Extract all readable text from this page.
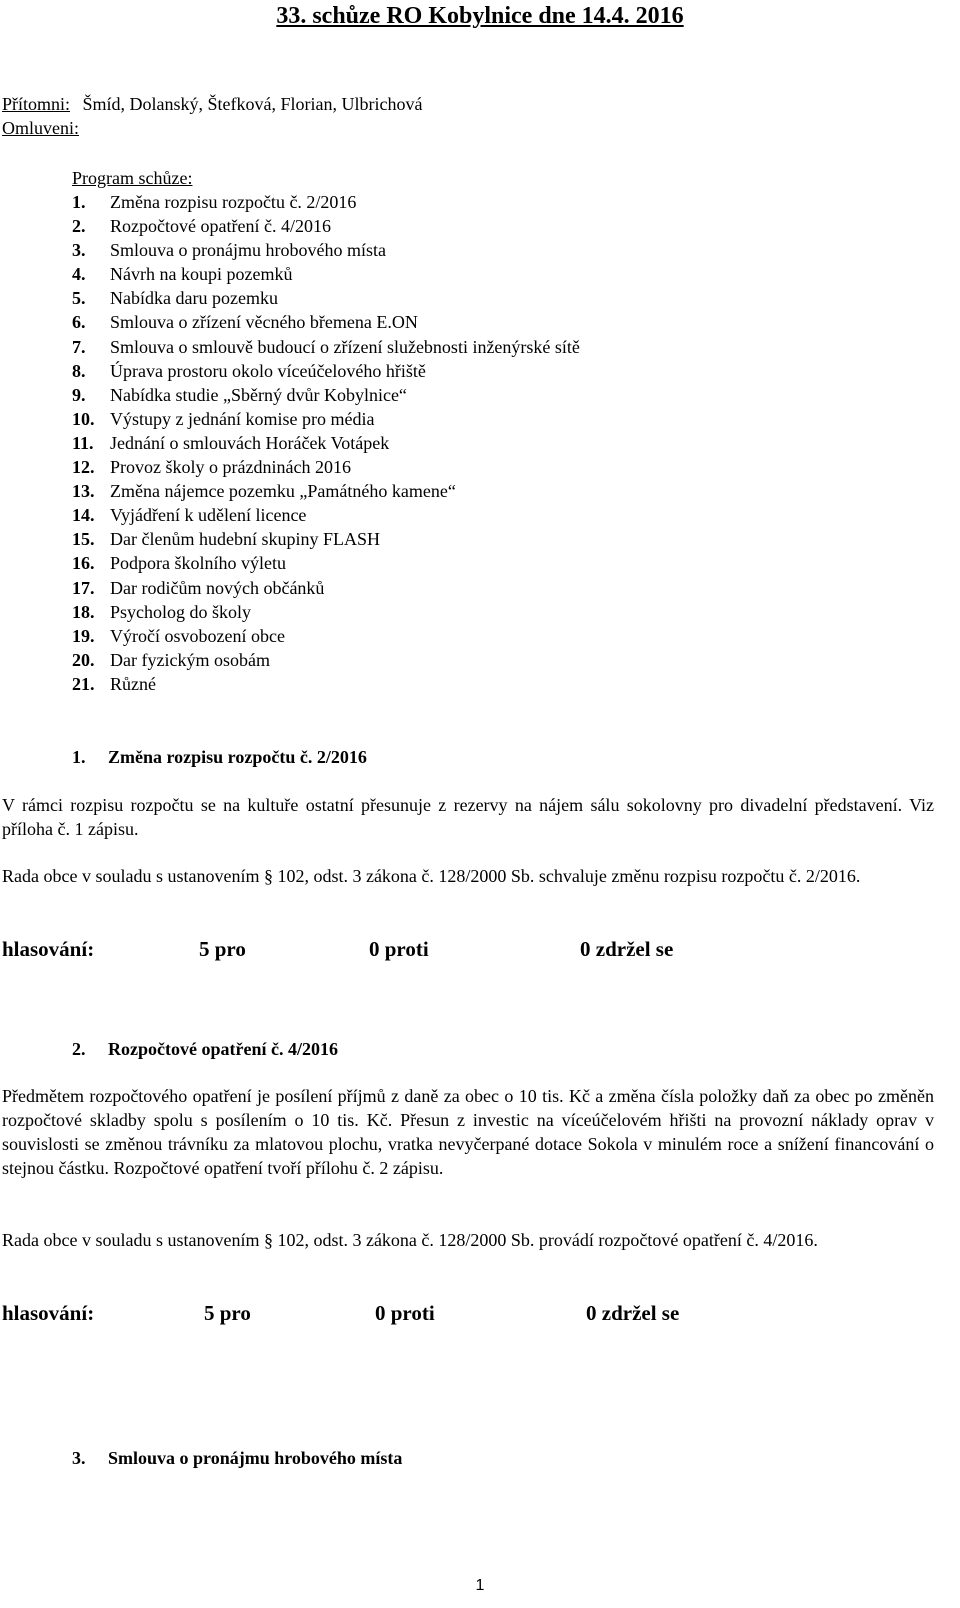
33. schůze RO Kobylnice dne 14.4. 2016
Přítomni: Šmíd, Dolanský, Štefková, Florian, Ulbrichová
Omluveni:
Program schůze:
1. Změna rozpisu rozpočtu č. 2/2016
2. Rozpočtové opatření č. 4/2016
3. Smlouva o pronájmu hrobového místa
4. Návrh na koupi pozemků
5. Nabídka daru pozemku
6. Smlouva o zřízení věcného břemena E.ON
7. Smlouva o smlouvě budoucí o zřízení služebnosti inženýrské sítě
8. Úprava prostoru okolo víceúčelového hřiště
9. Nabídka studie „Sběrný dvůr Kobylnice“
10. Výstupy z jednání komise pro média
11. Jednání o smlouvách Horáček Votápek
12. Provoz školy o prázdninách 2016
13. Změna nájemce pozemku „Památného kamene“
14. Vyjádření k udělení licence
15. Dar členům hudební skupiny FLASH
16. Podpora školního výletu
17. Dar rodičům nových občánků
18. Psycholog do školy
19. Výročí osvobození obce
20. Dar fyzickým osobám
21. Různé
1. Změna rozpisu rozpočtu č. 2/2016
V rámci rozpisu rozpočtu se na kultuře ostatní přesunuje z rezervy na nájem sálu sokolovny pro divadelní představení. Viz příloha č. 1 zápisu.
Rada obce v souladu s ustanovením § 102, odst. 3 zákona č. 128/2000 Sb. schvaluje změnu rozpisu rozpočtu č. 2/2016.
hlasování:	5 pro	0 proti	0 zdržel se
2. Rozpočtové opatření č. 4/2016
Předmětem rozpočtového opatření je posílení příjmů z daně za obec o 10 tis. Kč a změna čísla položky daň za obec po změněn rozpočtové skladby spolu s posílením o 10 tis. Kč. Přesun z investic na víceúčelovém hřišti na provozní náklady oprav v souvislosti se změnou trávníku za mlatovou plochu, vratka nevyčerpané dotace Sokola v minulém roce a snížení financování o stejnou částku. Rozpočtové opatření tvoří přílohu č. 2 zápisu.
Rada obce v souladu s ustanovením § 102, odst. 3 zákona č. 128/2000 Sb. provádí rozpočtové opatření č. 4/2016.
hlasování:	5 pro	0 proti	0 zdržel se
3. Smlouva o pronájmu hrobového místa
1
